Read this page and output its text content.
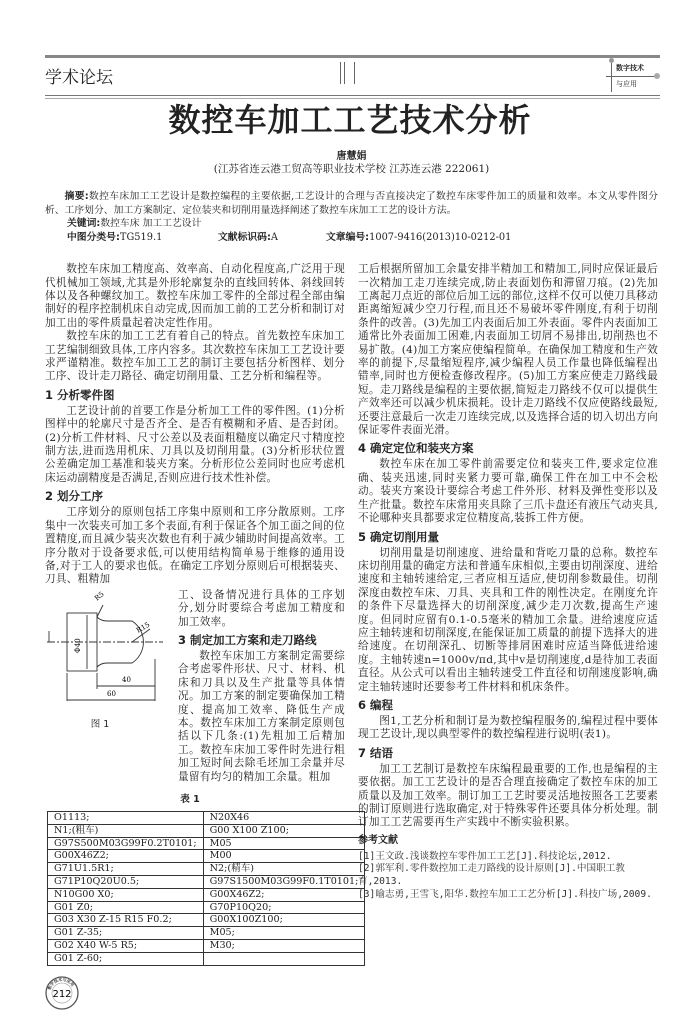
学术论坛
数字技术
与应用
数控车加工工艺技术分析
唐慧娟
(江苏省连云港工贸高等职业技术学校 江苏连云港 222061)
摘要:数控车床加工工艺设计是数控编程的主要依据,工艺设计的合理与否直接决定了数控车床零件加工的质量和效率。本文从零件图分析、工序划分、加工方案制定、定位装夹和切削用量选择阐述了数控车床加工工艺的设计方法。
关键词:数控车床 加工工艺设计
中图分类号:TG519.1	文献标识码:A	文章编号:1007-9416(2013)10-0212-01

数控车床加工精度高、效率高、自动化程度高,广泛用于现代机械加工领域,尤其是外形轮廓复杂的直线回转体、斜线回转体以及各种螺纹加工。数控车床加工零件的全部过程全部由编制好的程序控制机床自动完成,因而加工前的工艺分析和制订对加工出的零件质量起着决定性作用。

数控车床的加工工艺有着自己的特点。首先数控车床加工工艺编制细致具体,工序内容多。其次数控车床加工工艺设计要求严谨精准。数控车加工工艺的制订主要包括分析图样、划分工序、设计走刀路径、确定切削用量、工艺分析和编程等。

1 分析零件图

工艺设计前的首要工作是分析加工工件的零件图。(1)分析图样中的轮廓尺寸是否齐全、是否有模糊和矛盾、是否封闭。(2)分析工件材料、尺寸公差以及表面粗糙度以确定尺寸精度控制方法,进而选用机床、刀具以及切削用量。(3)分析形状位置公差确定加工基准和装夹方案。分析形位公差同时也应考虑机床运动副精度是否满足,否则应进行技术性补偿。

2 划分工序

工序划分的原则包括工序集中原则和工序分散原则。工序集中一次装夹可加工多个表面,有利于保证各个加工面之间的位置精度,而且减少装夹次数也有利于减少辅助时间提高效率。工序分散对于设备要求低,可以使用结构简单易于维修的通用设备,对于工人的要求也低。在确定工序划分原则后可根据装夹、刀具、粗精加

R5
R15
Φ40
40
60
图 1

工、设备情况进行具体的工序划分,划分时要综合考虑加工精度和加工效率。

3 制定加工方案和走刀路线

数控车床加工方案制定需要综合考虑零件形状、尺寸、材料、机床和刀具以及生产批量等具体情况。加工方案的制定要确保加工精度、提高加工效率、降低生产成本。数控车床加工方案制定原则包括以下几条:(1)先粗加工后精加工。数控车床加工零件时先进行粗加工短时间去除毛坯加工余量并尽量留有均匀的精加工余量。粗加

表 1
O1113;	N20X46
N1;(粗车)	G00 X100 Z100;
G97S500M03G99F0.2T0101;	M05
G00X46Z2;	M00
G71U1.5R1;	N2;(精车)
G71P10Q20U0.5;	G97S1500M03G99F0.1T0101;
N10G00 X0;	G00X46Z2;
G01 Z0;	G70P10Q20;
G03 X30 Z-15 R15 F0.2;	G00X100Z100;
G01 Z-35;	M05;
G02 X40 W-5 R5;	M30;
G01 Z-60;	
数字技术与应用
212

工后根据所留加工余量安排半精加工和精加工,同时应保证最后一次精加工走刀连续完成,防止表面划伤和滞留刀痕。(2)先加工离起刀点近的部位后加工远的部位,这样不仅可以使刀具移动距离缩短减少空刀行程,而且还不易破坏零件刚度,有利于切削条件的改善。(3)先加工内表面后加工外表面。零件内表面加工通常比外表面加工困难,内表面加工切屑不易排出,切削热也不易扩散。(4)加工方案应使编程简单。在确保加工精度和生产效率的前提下,尽量缩短程序,减少编程人员工作量也降低编程出错率,同时也方便检查修改程序。(5)加工方案应使走刀路线最短。走刀路线是编程的主要依据,简短走刀路线不仅可以提供生产效率还可以减少机床损耗。设计走刀路线不仅应使路线最短,还要注意最后一次走刀连续完成,以及选择合适的切入切出方向保证零件表面光滑。

4 确定定位和装夹方案

数控车床在加工零件前需要定位和装夹工件,要求定位准确、装夹迅速,同时夹紧力要可靠,确保工件在加工中不会松动。装夹方案设计要综合考虑工件外形、材料及弹性变形以及生产批量。数控车床常用夹具除了三爪卡盘还有液压气动夹具,不论哪种夹具都要求定位精度高,装拆工件方便。

5 确定切削用量

切削用量是切削速度、进给量和背吃刀量的总称。数控车床切削用量的确定方法和普通车床相似,主要由切削深度、进给速度和主轴转速给定,三者应相互适应,使切削参数最佳。切削深度由数控车床、刀具、夹具和工件的刚性决定。在刚度允许的条件下尽量选择大的切削深度,减少走刀次数,提高生产速度。但同时应留有0.1-0.5毫米的精加工余量。进给速度应适应主轴转速和切削深度,在能保证加工质量的前提下选择大的进给速度。在切削深孔、切断等排屑困难时应适当降低进给速度。主轴转速n=1000v/πd,其中v是切削速度,d是待加工表面直径。从公式可以看出主轴转速受工件直径和切削速度影响,确定主轴转速时还要参考工件材料和机床条件。

6 编程

图1,工艺分析和制订是为数控编程服务的,编程过程中要体现工艺设计,现以典型零件的数控编程进行说明(表1)。

7 结语

加工工艺制订是数控车床编程最重要的工作,也是编程的主要依据。加工工艺设计的是否合理直接确定了数控车床的加工质量以及加工效率。制订加工工艺时要灵活地按照各工艺要素的制订原则进行选取确定,对于特殊零件还要具体分析处理。制订加工工艺需要再生产实践中不断实验积累。

参考文献

[1]王文政.浅谈数控车零件加工工艺[J].科技论坛,2012.

[2]郭军利.零件数控加工走刀路线的设计原则[J].中国职工教育,2013.

[3]喻志勇,王雪飞,阳华.数控车加工工艺分析[J].科技广场,2009.
